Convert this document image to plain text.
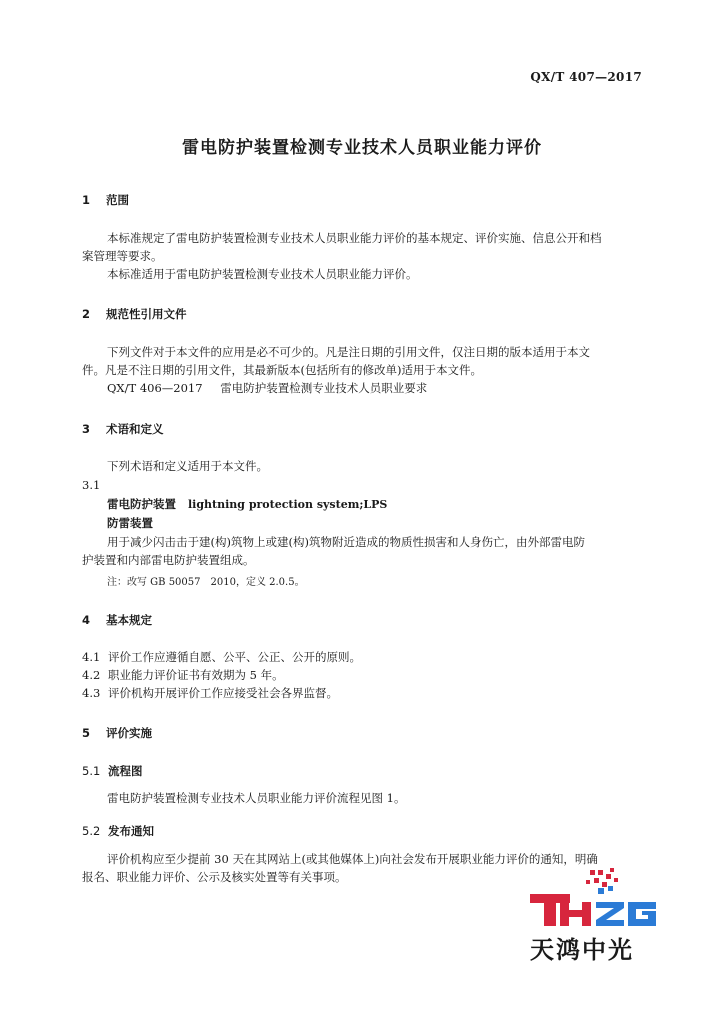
QX/T 407—2017
雷电防护装置检测专业技术人员职业能力评价
1 范围
本标准规定了雷电防护装置检测专业技术人员职业能力评价的基本规定、评价实施、信息公开和档
案管理等要求。
本标准适用于雷电防护装置检测专业技术人员职业能力评价。
2 规范性引用文件
下列文件对于本文件的应用是必不可少的。凡是注日期的引用文件，仅注日期的版本适用于本文
件。凡是不注日期的引用文件，其最新版本(包括所有的修改单)适用于本文件。
QX/T 406—2017 雷电防护装置检测专业技术人员职业要求
3 术语和定义
下列术语和定义适用于本文件。
3.1
雷电防护装置 lightning protection system;LPS
防雷装置
用于减少闪击击于建(构)筑物上或建(构)筑物附近造成的物质性损害和人身伤亡，由外部雷电防
护装置和内部雷电防护装置组成。
注：改写 GB 50057　2010，定义 2.0.5。
4 基本规定
4.1 评价工作应遵循自愿、公平、公正、公开的原则。
4.2 职业能力评价证书有效期为 5 年。
4.3 评价机构开展评价工作应接受社会各界监督。
5 评价实施
5.1 流程图
雷电防护装置检测专业技术人员职业能力评价流程见图 1。
5.2 发布通知
评价机构应至少提前 30 天在其网站上(或其他媒体上)向社会发布开展职业能力评价的通知，明确
报名、职业能力评价、公示及核实处置等有关事项。
天鸿中光
